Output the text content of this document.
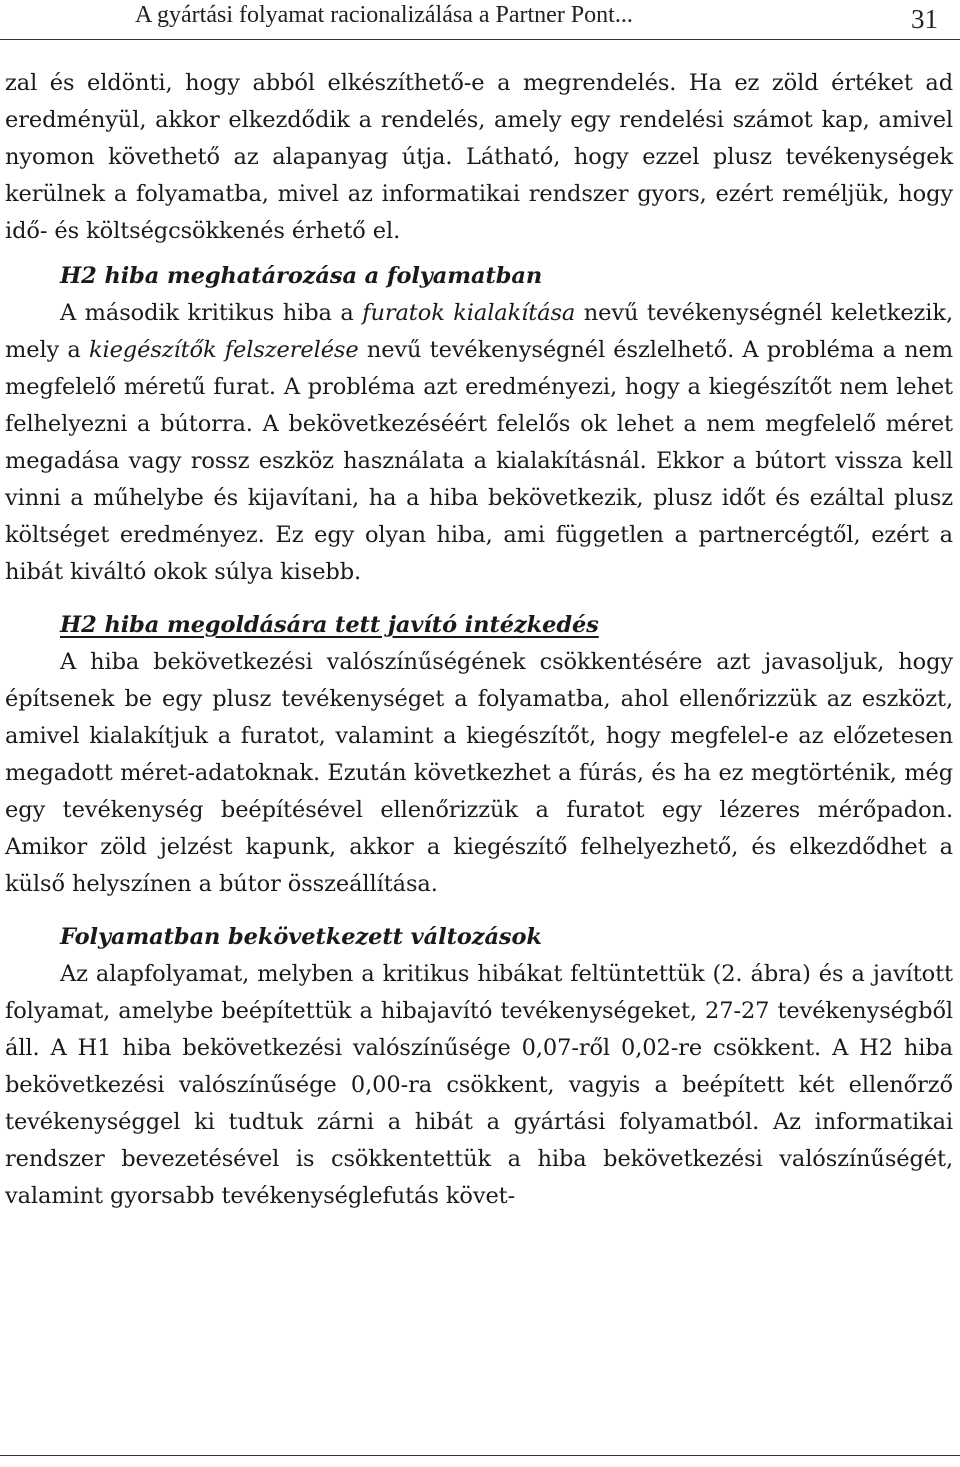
A gyártási folyamat racionalizálása a Partner Pont...	31

zal és eldönti, hogy abból elkészíthető-e a megrendelés. Ha ez zöld értéket ad eredményül, akkor elkezdődik a rendelés, amely egy rendelési számot kap, amivel nyomon követhető az alapanyag útja. Látható, hogy ezzel plusz tevékenységek kerülnek a folyamatba, mivel az informatikai rendszer gyors, ezért reméljük, hogy idő- és költségcsökkenés érhető el.

H2 hiba meghatározása a folyamatban

A második kritikus hiba a furatok kialakítása nevű tevékenységnél keletkezik, mely a kiegészítők felszerelése nevű tevékenységnél észlelhető. A probléma a nem megfelelő méretű furat. A probléma azt eredményezi, hogy a kiegészítőt nem lehet felhelyezni a bútorra. A bekövetkezéséért felelős ok lehet a nem megfelelő méret megadása vagy rossz eszköz használata a kialakításnál. Ekkor a bútort vissza kell vinni a műhelybe és kijavítani, ha a hiba bekövetkezik, plusz időt és ezáltal plusz költséget eredményez. Ez egy olyan hiba, ami független a partnercégtől, ezért a hibát kiváltó okok súlya kisebb.

H2 hiba megoldására tett javító intézkedés

A hiba bekövetkezési valószínűségének csökkentésére azt javasoljuk, hogy építsenek be egy plusz tevékenységet a folyamatba, ahol ellenőrizzük az eszközt, amivel kialakítjuk a furatot, valamint a kiegészítőt, hogy megfelel-e az előzetesen megadott méret-adatoknak. Ezután következhet a fúrás, és ha ez megtörténik, még egy tevékenység beépítésével ellenőrizzük a furatot egy lézeres mérőpadon. Amikor zöld jelzést kapunk, akkor a kiegészítő felhelyezhető, és elkezdődhet a külső helyszínen a bútor összeállítása.

Folyamatban bekövetkezett változások

Az alapfolyamat, melyben a kritikus hibákat feltüntettük (2. ábra) és a javított folyamat, amelybe beépítettük a hibajavító tevékenységeket, 27-27 tevékenységből áll. A H1 hiba bekövetkezési valószínűsége 0,07-ről 0,02-re csökkent. A H2 hiba bekövetkezési valószínűsége 0,00-ra csökkent, vagyis a beépített két ellenőrző tevékenységgel ki tudtuk zárni a hibát a gyártási folyamatból. Az informatikai rendszer bevezetésével is csökkentettük a hiba bekövetkezési valószínűségét, valamint gyorsabb tevékenységlefutás követ-
